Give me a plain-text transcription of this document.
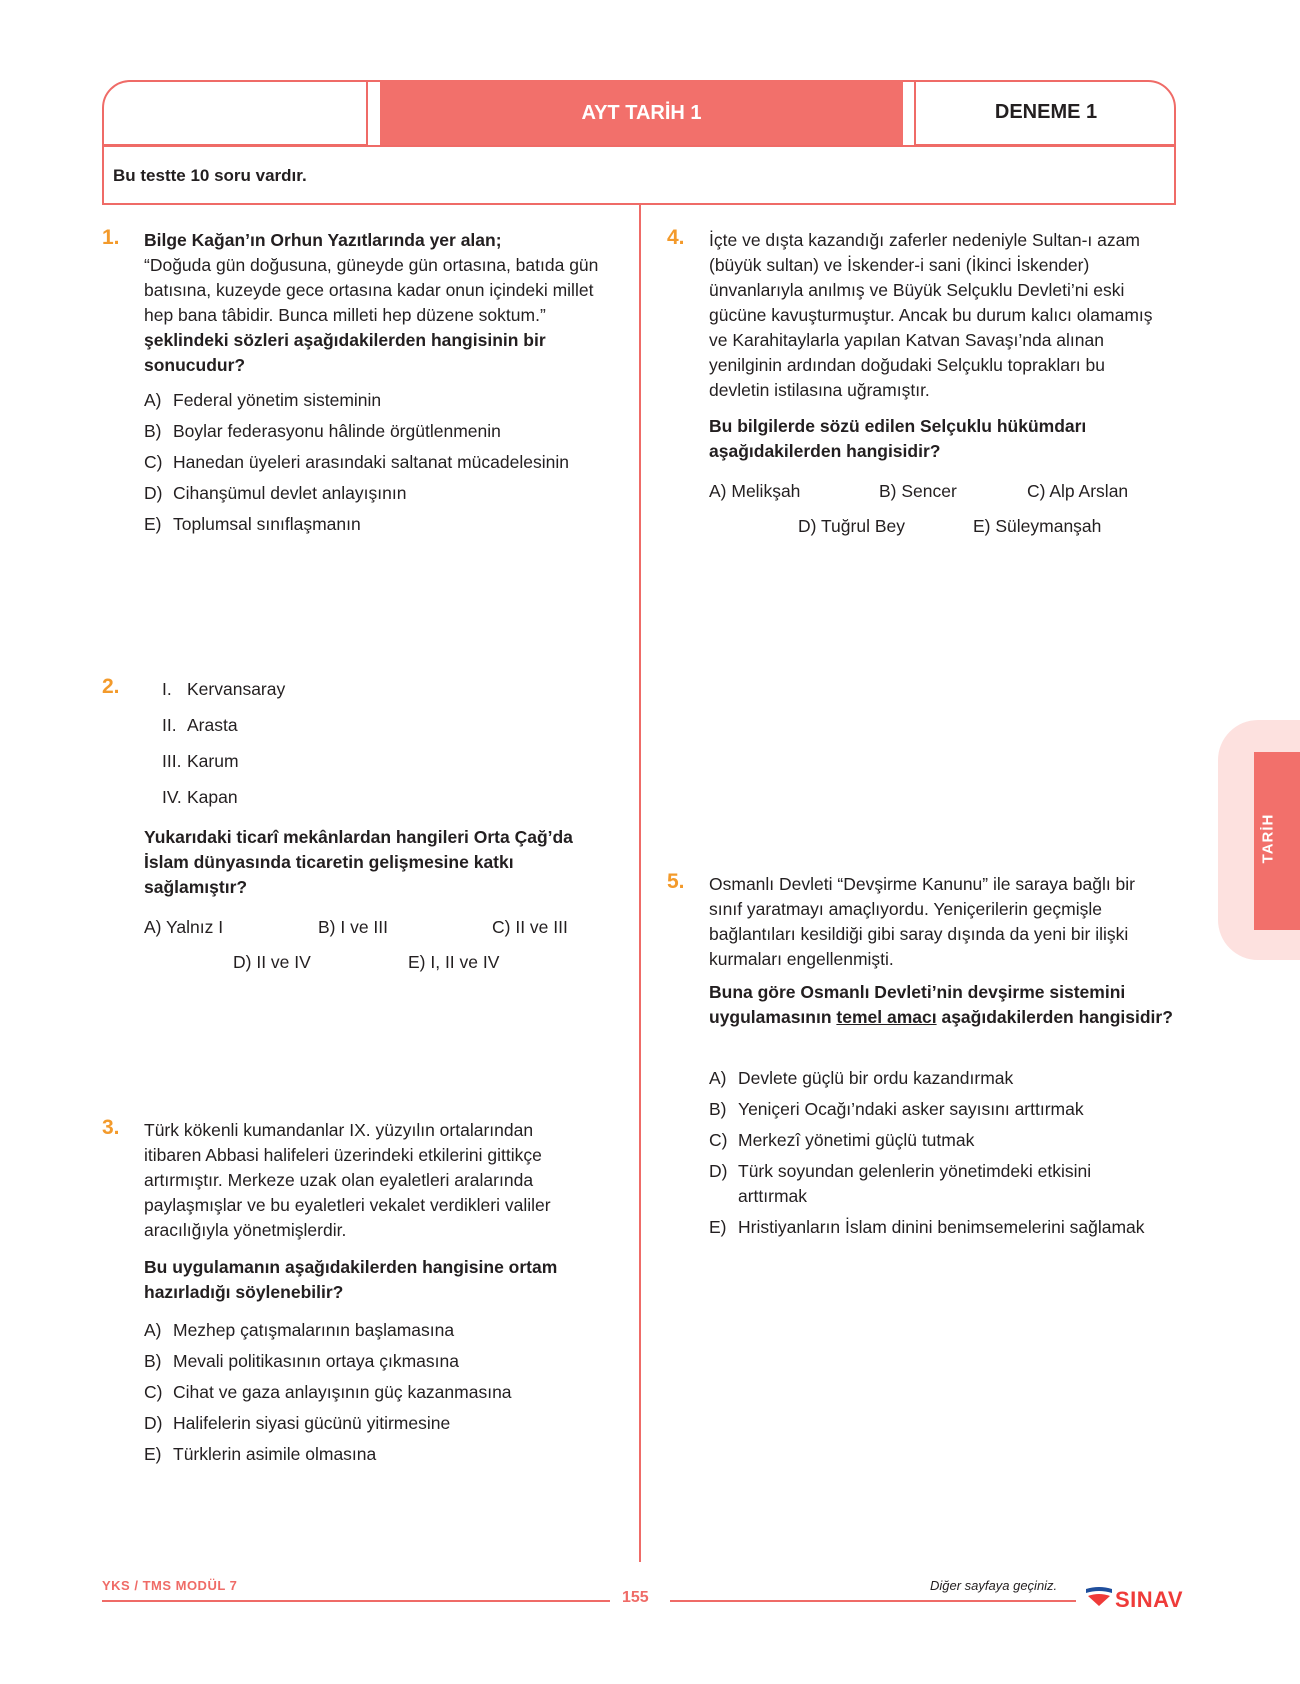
AYT TARİH 1	DENEME 1
Bu testte 10 soru vardır.
1. Bilge Kağan’ın Orhun Yazıtlarında yer alan;
“Doğuda gün doğusuna, güneyde gün ortasına, batıda gün batısına, kuzeyde gece ortasına kadar onun içindeki millet hep bana tâbidir. Bunca milleti hep düzene soktum.” şeklindeki sözleri aşağıdakilerden hangisinin bir sonucudur?
A) Federal yönetim sisteminin
B) Boylar federasyonu hâlinde örgütlenmenin
C) Hanedan üyeleri arasındaki saltanat mücadelesinin
D) Cihanşümul devlet anlayışının
E) Toplumsal sınıflaşmanın
2. I. Kervansaray
II. Arasta
III. Karum
IV. Kapan
Yukarıdaki ticarî mekânlardan hangileri Orta Çağ’da İslam dünyasında ticaretin gelişmesine katkı sağlamıştır?
A) Yalnız I	B) I ve III	C) II ve III
D) II ve IV	E) I, II ve IV
3. Türk kökenli kumandanlar IX. yüzyılın ortalarından itibaren Abbasi halifeleri üzerindeki etkilerini gittikçe artırmıştır. Merkeze uzak olan eyaletleri aralarında paylaşmışlar ve bu eyaletleri vekalet verdikleri valiler aracılığıyla yönetmişlerdir.
Bu uygulamanın aşağıdakilerden hangisine ortam hazırladığı söylenebilir?
A) Mezhep çatışmalarının başlamasına
B) Mevali politikasının ortaya çıkmasına
C) Cihat ve gaza anlayışının güç kazanmasına
D) Halifelerin siyasi gücünü yitirmesine
E) Türklerin asimile olmasına
4. İçte ve dışta kazandığı zaferler nedeniyle Sultan-ı azam (büyük sultan) ve İskender-i sani (İkinci İskender) ünvanlarıyla anılmış ve Büyük Selçuklu Devleti’ni eski gücüne kavuşturmuştur. Ancak bu durum kalıcı olamamış ve Karahitaylarla yapılan Katvan Savaşı’nda alınan yenilginin ardından doğudaki Selçuklu toprakları bu devletin istilasına uğramıştır.
Bu bilgilerde sözü edilen Selçuklu hükümdarı aşağıdakilerden hangisidir?
A) Melikşah	B) Sencer	C) Alp Arslan
D) Tuğrul Bey	E) Süleymanşah
5. Osmanlı Devleti “Devşirme Kanunu” ile saraya bağlı bir sınıf yaratmayı amaçlıyordu. Yeniçerilerin geçmişle bağlantıları kesildiği gibi saray dışında da yeni bir ilişki kurmaları engellenmişti.
Buna göre Osmanlı Devleti’nin devşirme sistemini uygulamasının temel amacı aşağıdakilerden hangisidir?
A) Devlete güçlü bir ordu kazandırmak
B) Yeniçeri Ocağı’ndaki asker sayısını arttırmak
C) Merkezî yönetimi güçlü tutmak
D) Türk soyundan gelenlerin yönetimdeki etkisini arttırmak
E) Hristiyanların İslam dinini benimsemelerini sağlamak
TARİH
YKS / TMS MODÜL 7
155
Diğer sayfaya geçiniz.
SINAV
